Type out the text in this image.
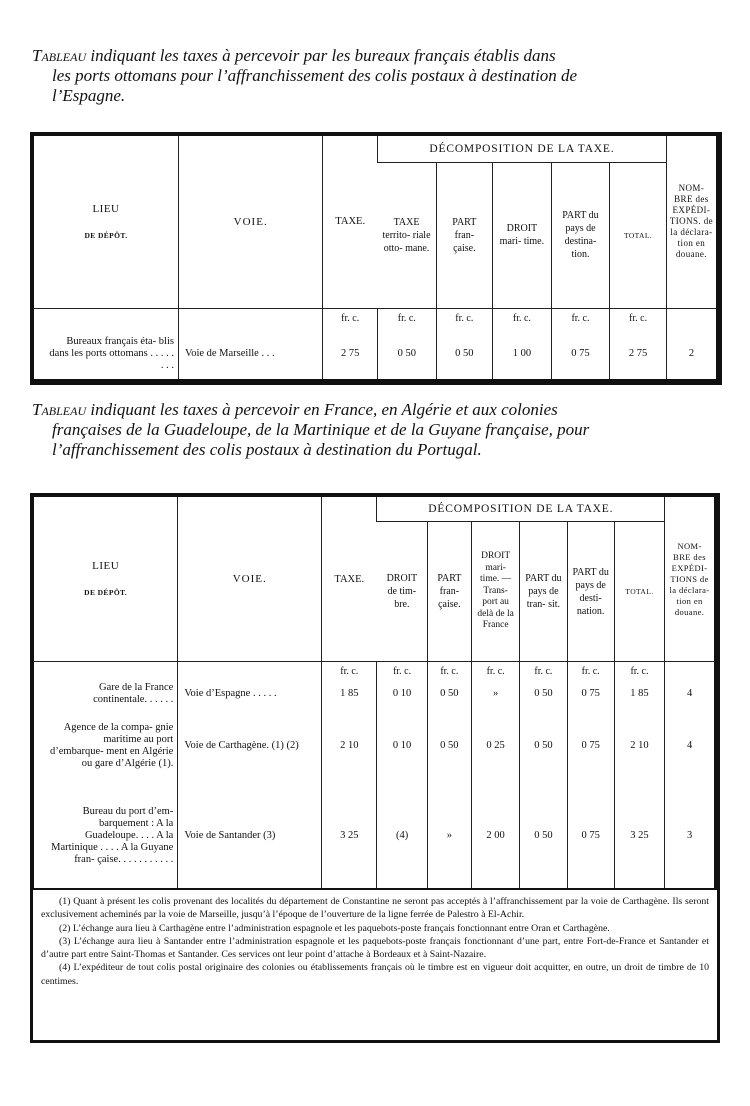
Tableau indiquant les taxes à percevoir par les bureaux français établis dans
les ports ottomans pour l’affranchissement des colis postaux à destination de
l’Espagne.
LIEU
DE DÉPÔT.	VOIE.	TAXE.	DÉCOMPOSITION DE LA TAXE.					NOM- BRE des EXPÉDI- TIONS. de la déclara- tion en douane.
			TAXE territo- riale otto- mane.	PART fran- çaise.	DROIT mari- time.	PART du pays de destina- tion.	TOTAL.	
		fr. c.	fr. c.	fr. c.	fr. c.	fr. c.	fr. c.	
Bureaux français éta- blis dans les ports ottomans . . . . . . . .	Voie de Marseille . . .	2 75	0 50	0 50	1 00	0 75	2 75	2
Tableau indiquant les taxes à percevoir en France, en Algérie et aux colonies
françaises de la Guadeloupe, de la Martinique et de la Guyane française, pour
l’affranchissement des colis postaux à destination du Portugal.
LIEU
DE DÉPÔT.	VOIE.	TAXE.	DÉCOMPOSITION DE LA TAXE.						NOM- BRE des EXPÉDI- TIONS de la déclara- tion en douane.
			DROIT de tim- bre.	PART fran- çaise.	DROIT mari- time. — Trans- port au delà de la France	PART du pays de tran- sit.	PART du pays de desti- nation.	TOTAL.	
		fr. c.	fr. c.	fr. c.	fr. c.	fr. c.	fr. c.	fr. c.	
Gare de la France continentale. . . . . .	Voie d’Espagne . . . . .	1 85	0 10	0 50	»	0 50	0 75	1 85	4
Agence de la compa- gnie maritime au port d’embarque- ment en Algérie ou gare d’Algérie (1).	Voie de Carthagène. (1) (2)	2 10	0 10	0 50	0 25	0 50	0 75	2 10	4
Bureau du port d’em- barquement : A la Guadeloupe. . . . A la Martinique . . . . A la Guyane fran- çaise. . . . . . . . . . .	Voie de Santander (3)	3 25	(4)	»	2 00	0 50	0 75	3 25	3

(1) Quant à présent les colis provenant des localités du département de Constantine ne seront pas acceptés à l’affranchissement par la voie de Carthagène. Ils seront exclusivement acheminés par la voie de Marseille, jusqu’à l’époque de l’ouverture de la ligne ferrée de Palestro à El-Achir.

(2) L’échange aura lieu à Carthagène entre l’administration espagnole et les paquebots-poste français fonctionnant entre Oran et Carthagène.

(3) L’échange aura lieu à Santander entre l’administration espagnole et les paquebots-poste français fonctionnant d’une part, entre Fort-de-France et Santander et d’autre part entre Saint-Thomas et Santander. Ces services ont leur point d’attache à Bordeaux et à Saint-Nazaire.

(4) L’expéditeur de tout colis postal originaire des colonies ou établissements français où le timbre est en vigueur doit acquitter, en outre, un droit de timbre de 10 centimes.
